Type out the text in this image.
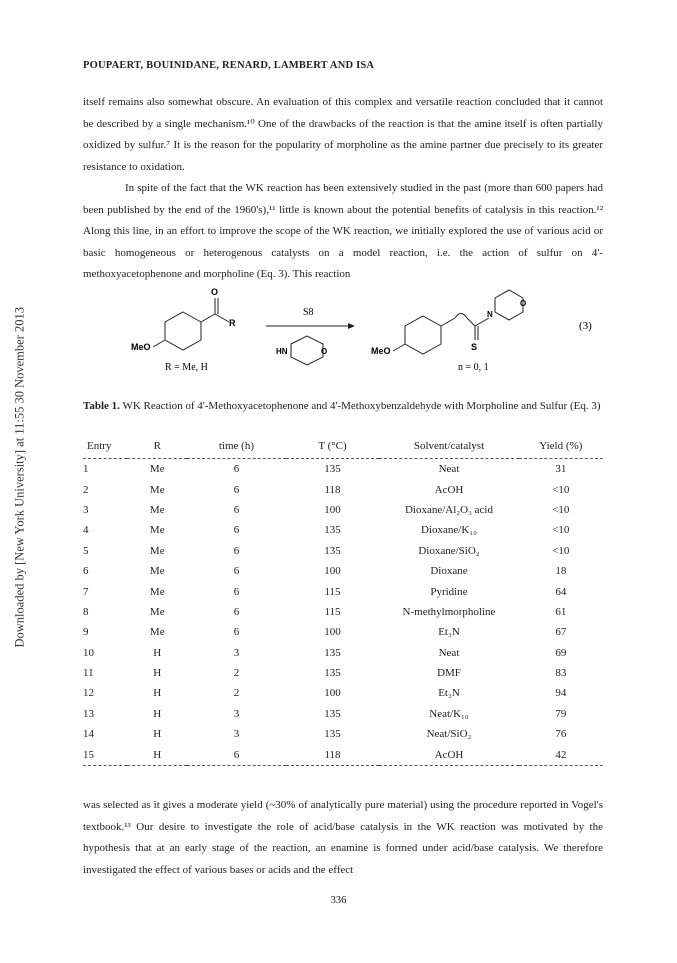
Downloaded by [New York University] at 11:55 30 November 2013
POUPAERT, BOUINIDANE, RENARD, LAMBERT AND ISA

itself remains also somewhat obscure. An evaluation of this complex and versatile reaction concluded that it cannot be described by a single mechanism.¹⁰ One of the drawbacks of the reaction is that the amine itself is often partially oxidized by sulfur.⁷ It is the reason for the popularity of morpholine as the amine partner due precisely to its greater resistance to oxidation.

In spite of the fact that the WK reaction has been extensively studied in the past (more than 600 papers had been published by the end of the 1960's),¹¹ little is known about the potential benefits of catalysis in this reaction.¹² Along this line, in an effort to improve the scope of the WK reaction, we initially explored the use of various acid or basic homogeneous or heterogenous catalysts on a model reaction, i.e. the action of sulfur on 4'-methoxyacetophenone and morpholine (Eq. 3). This reaction

O
R
MeO
R = Me, H
S8
HN	O	MeO	S
N
O
n = 0, 1
(3)
Table 1. WK Reaction of 4'-Methoxyacetophenone and 4'-Methoxybenzaldehyde with Morpholine and Sulfur (Eq. 3)
Entry	R	time (h)	T (°C)	Solvent/catalyst	Yield (%)
1	Me	6	135	Neat	31
2	Me	6	118	AcOH	<10
3	Me	6	100	Dioxane/Al₂O₃ acid	<10
4	Me	6	135	Dioxane/K₁₀	<10
5	Me	6	135	Dioxane/SiO₂	<10
6	Me	6	100	Dioxane	18
7	Me	6	115	Pyridine	64
8	Me	6	115	N-methylmorpholine	61
9	Me	6	100	Et₃N	67
10	H	3	135	Neat	69
11	H	2	135	DMF	83
12	H	2	100	Et₃N	94
13	H	3	135	Neat/K₁₀	79
14	H	3	135	Neat/SiO₂	76
15	H	6	118	AcOH	42

was selected as it gives a moderate yield (~30% of analytically pure material) using the procedure reported in Vogel's textbook.¹³ Our desire to investigate the role of acid/base catalysis in the WK reaction was motivated by the hypothesis that at an early stage of the reaction, an enamine is formed under acid/base catalysis. We therefore investigated the effect of various bases or acids and the effect

336
